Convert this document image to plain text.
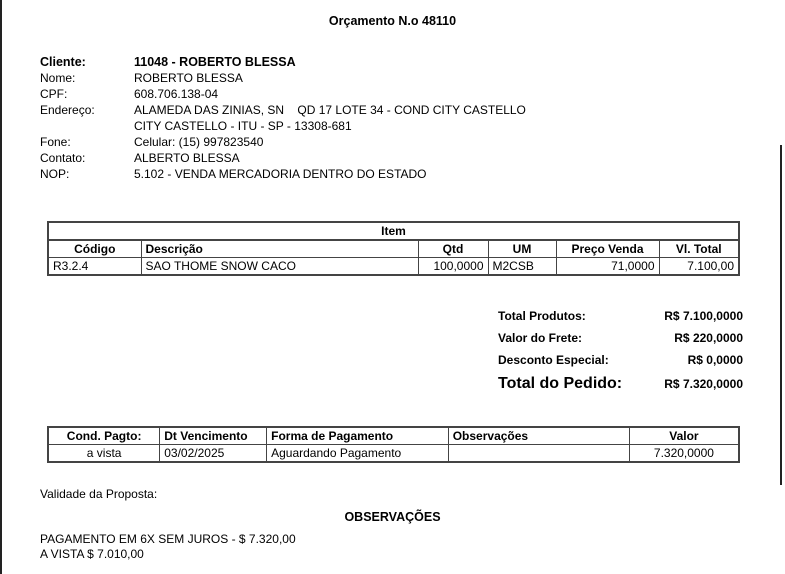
Orçamento N.o 48110
Cliente:	11048 - ROBERTO BLESSA
Nome:	ROBERTO BLESSA
CPF:	608.706.138-04
Endereço:	ALAMEDA DAS ZINIAS, SN    QD 17 LOTE 34 - COND CITY CASTELLO
CITY CASTELLO - ITU - SP - 13308-681
Fone:	Celular: (15) 997823540
Contato:	ALBERTO BLESSA
NOP:	5.102 - VENDA MERCADORIA DENTRO DO ESTADO
Item					
Código	Descrição	Qtd	UM	Preço Venda	Vl. Total
R3.2.4	SAO THOME SNOW CACO	100,0000	M2CSB	71,0000	7.100,00
Total Produtos:	R$ 7.100,0000
Valor do Frete:	R$ 220,0000
Desconto Especial:	R$ 0,0000
Total do Pedido:	R$ 7.320,0000
Cond. Pagto:	Dt Vencimento	Forma de Pagamento	Observações	Valor
a vista	03/02/2025	Aguardando Pagamento		7.320,0000
Validade da Proposta:
OBSERVAÇÕES
PAGAMENTO EM 6X SEM JUROS - $ 7.320,00
A VISTA $ 7.010,00
